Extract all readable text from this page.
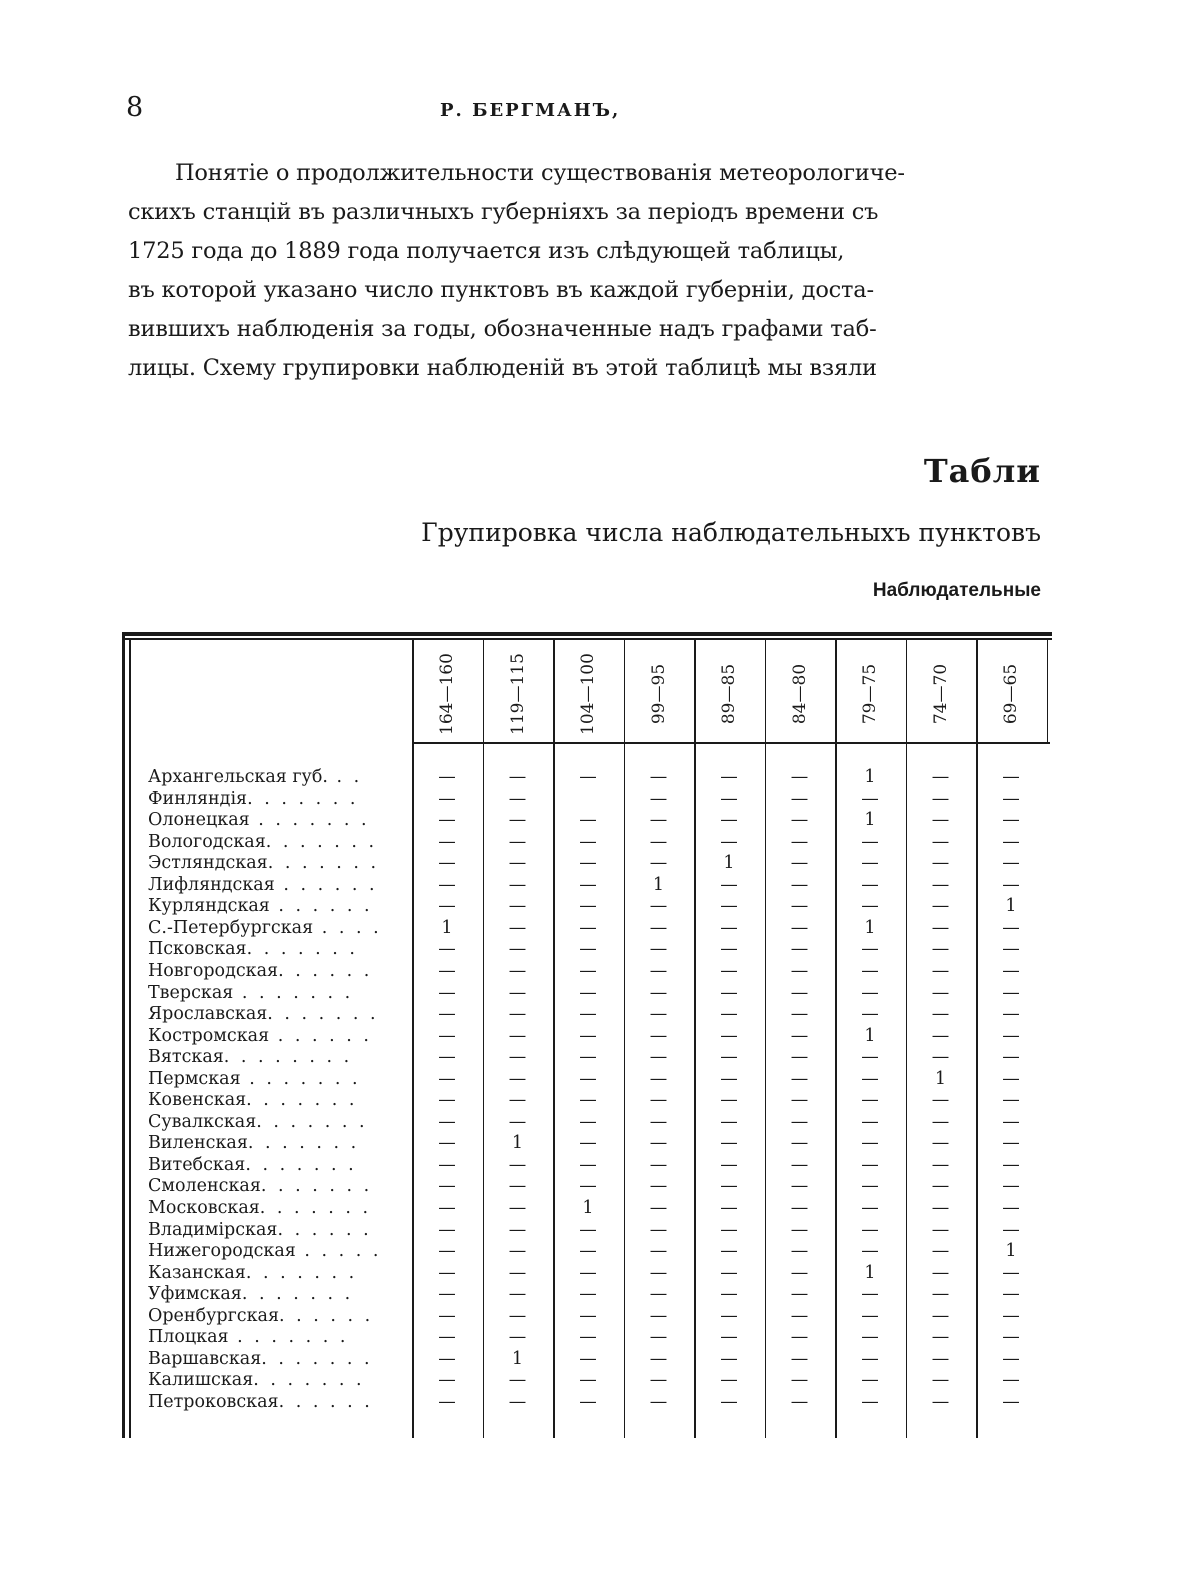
8	Р. БЕРГМАНЪ,
Понятіе о продолжительности существованія метеорологиче-
скихъ станцій въ различныхъ губерніяхъ за періодъ времени съ
1725 года до 1889 года получается изъ слѣдующей таблицы,
въ которой указано число пунктовъ въ каждой губерніи, доста-
вившихъ наблюденія за годы, обозначенные надъ графами таб-
лицы. Схему групировки наблюденій въ этой таблицѣ мы взяли
Табли
Групировка числа наблюдательныхъ пунктовъ
Наблюдательные
164—160	119—115	104—100	99—95	89—85	84—80	79—75	74—70	69—65
Архангельская губ. . .	—	—	—	—	—	—	1	—	—
Финляндія. . . . . . .	—	—	—	—	—	—	—	—
Олонецкая . . . . . . .	—	—	—	—	—	—	1	—	—
Вологодская. . . . . . .	—	—	—	—	—	—	—	—	—
Эстляндская. . . . . . .	—	—	—	—	1	—	—	—	—
Лифляндская . . . . . .	—	—	—	1	—	—	—	—	—
Курляндская . . . . . .	—	—	—	—	—	—	—	—	1
С.-Петербургская . . . .	1	—	—	—	—	—	1	—	—
Псковская. . . . . . .	—	—	—	—	—	—	—	—	—
Новгородская. . . . . .	—	—	—	—	—	—	—	—	—
Тверская . . . . . . .	—	—	—	—	—	—	—	—	—
Ярославская. . . . . . .	—	—	—	—	—	—	—	—	—
Костромская . . . . . .	—	—	—	—	—	—	1	—	—
Вятская. . . . . . . .	—	—	—	—	—	—	—	—	—
Пермская . . . . . . .	—	—	—	—	—	—	—	1	—
Ковенская. . . . . . .	—	—	—	—	—	—	—	—	—
Сувалкская. . . . . . .	—	—	—	—	—	—	—	—	—
Виленская. . . . . . .	—	1	—	—	—	—	—	—	—
Витебская. . . . . . .	—	—	—	—	—	—	—	—	—
Смоленская. . . . . . .	—	—	—	—	—	—	—	—	—
Московская. . . . . . .	—	—	1	—	—	—	—	—	—
Владимірская. . . . . .	—	—	—	—	—	—	—	—	—
Нижегородская . . . . .	—	—	—	—	—	—	—	—	1
Казанская. . . . . . .	—	—	—	—	—	—	1	—	—
Уфимская. . . . . . .	—	—	—	—	—	—	—	—	—
Оренбургская. . . . . .	—	—	—	—	—	—	—	—	—
Плоцкая . . . . . . .	—	—	—	—	—	—	—	—	—
Варшавская. . . . . . .	—	1	—	—	—	—	—	—	—
Калишская. . . . . . .	—	—	—	—	—	—	—	—	—
Петроковская. . . . . .	—	—	—	—	—	—	—	—	—
